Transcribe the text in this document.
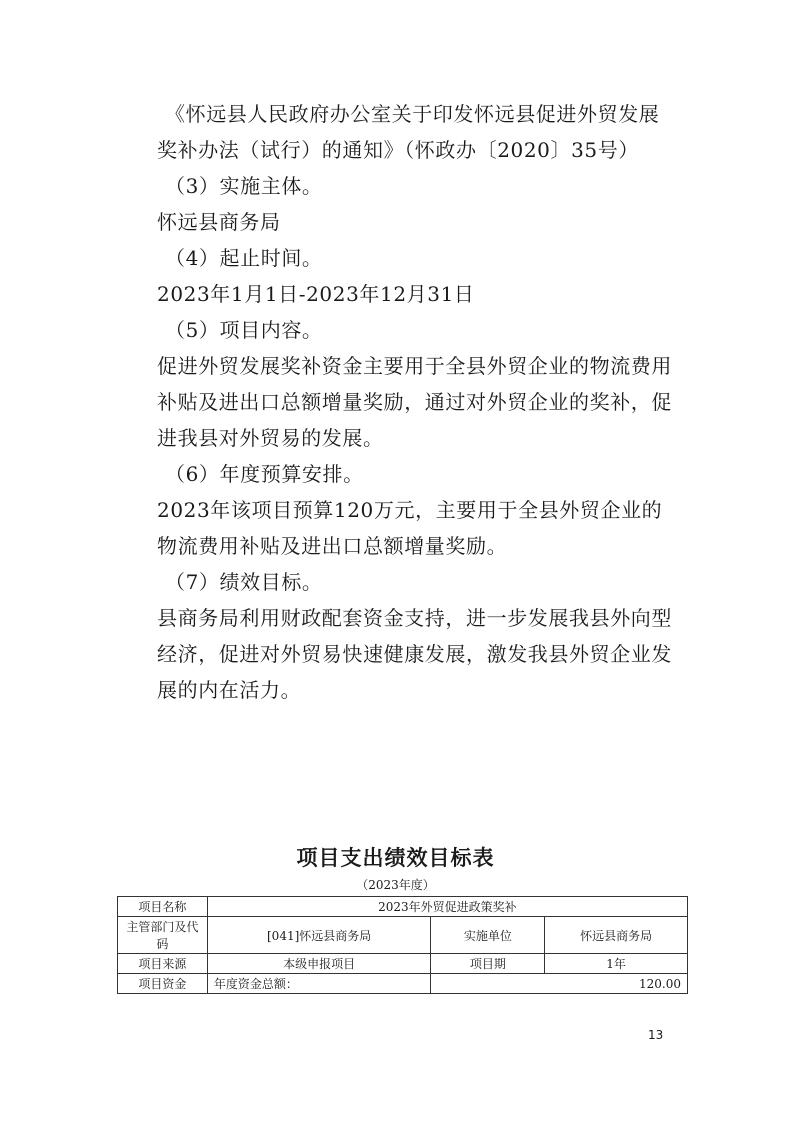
《怀远县人民政府办公室关于印发怀远县促进外贸发展奖补办法（试行）的通知》（怀政办〔2020〕35号）

（3）实施主体。

怀远县商务局

（4）起止时间。

2023年1月1日-2023年12月31日

（5）项目内容。

促进外贸发展奖补资金主要用于全县外贸企业的物流费用补贴及进出口总额增量奖励，通过对外贸企业的奖补，促进我县对外贸易的发展。

（6）年度预算安排。

2023年该项目预算120万元，主要用于全县外贸企业的物流费用补贴及进出口总额增量奖励。

（7）绩效目标。

县商务局利用财政配套资金支持，进一步发展我县外向型经济，促进对外贸易快速健康发展，激发我县外贸企业发展的内在活力。

项目支出绩效目标表
（2023年度）
项目名称	2023年外贸促进政策奖补		
主管部门及代码	[041]怀远县商务局	实施单位	怀远县商务局
项目来源	本级申报项目	项目期	1年
项目资金	年度资金总额：	120.00	
13
